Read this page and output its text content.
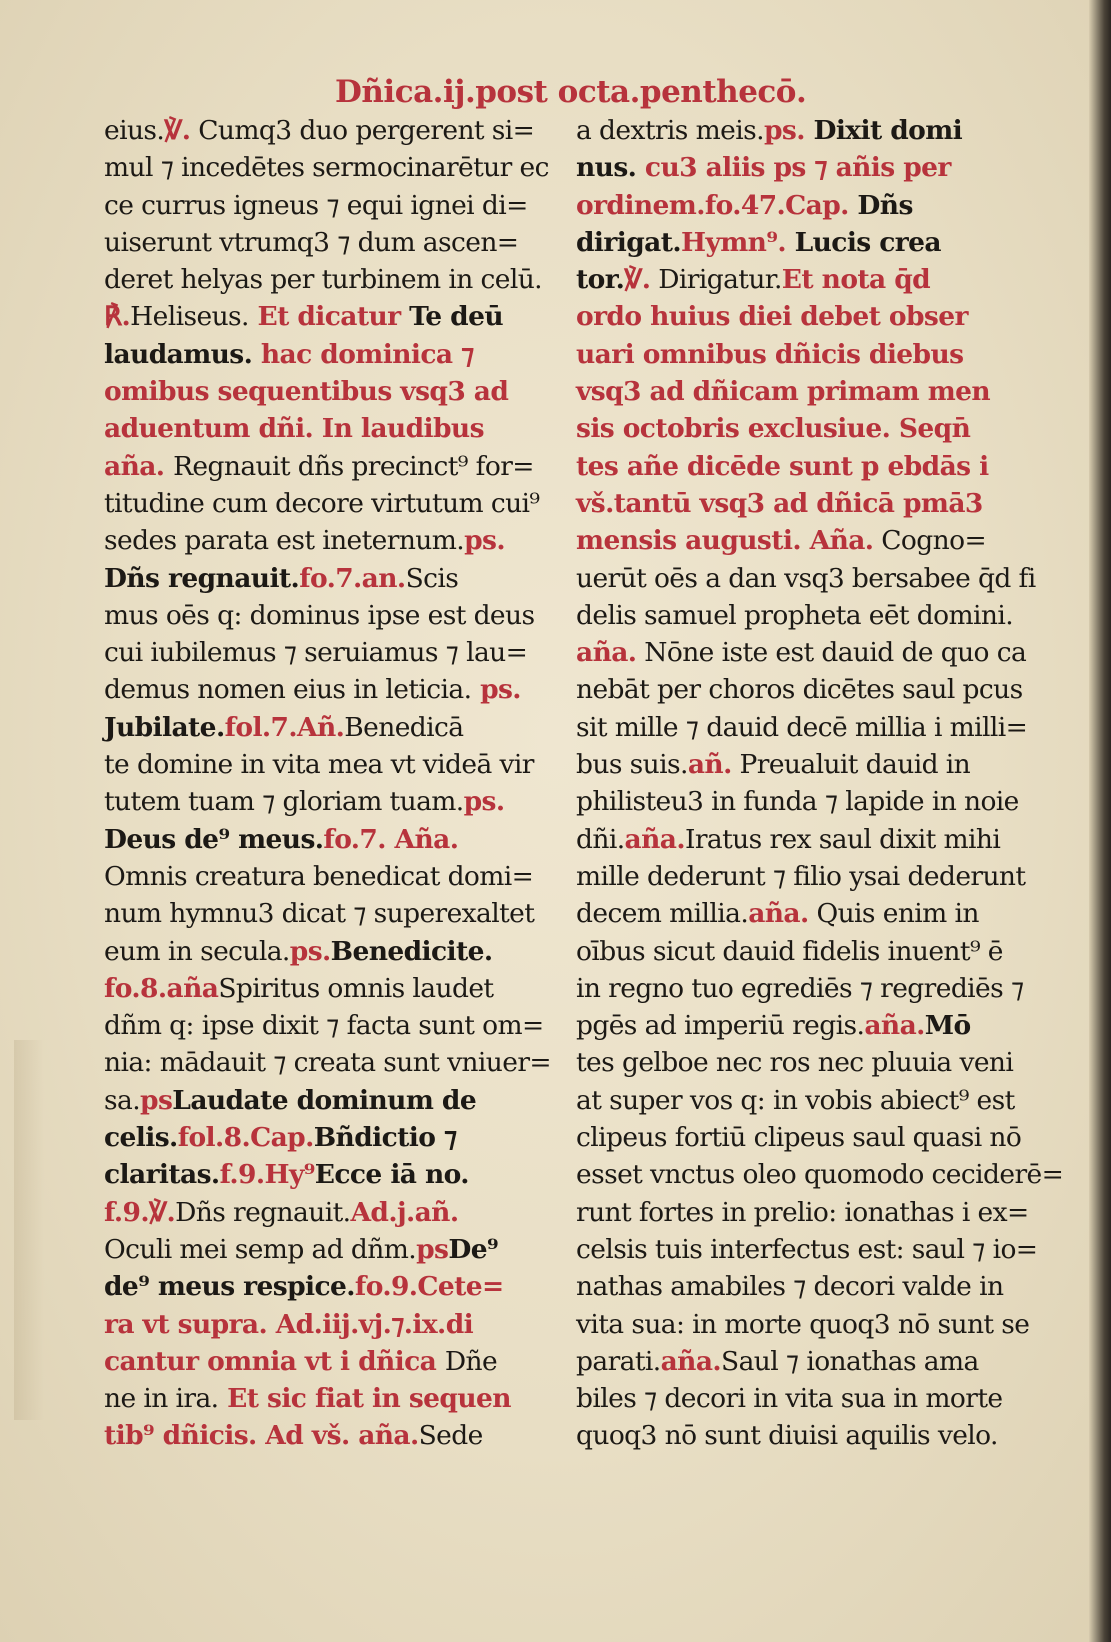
Dñica.ij.post octa.penthecō.
eius.℣. Cumq3 duo pergerent si=
mul ⁊ incedētes sermocinarētur ec
ce currus igneus ⁊ equi ignei di=
uiserunt vtrumq3 ⁊ dum ascen=
deret helyas per turbinem in celū.
℟.Heliseus. Et dicatur Te deū
laudamus. hac dominica ⁊
omibus sequentibus vsq3 ad
aduentum dñi. In laudibus
aña. Regnauit dñs precinct⁹ for=
titudine cum decore virtutum cui⁹
sedes parata est ineternum.ps.
Dñs regnauit.fo.7.an.Scis
mus oēs q: dominus ipse est deus
cui iubilemus ⁊ seruiamus ⁊ lau=
demus nomen eius in leticia. ps.
Jubilate.fol.7.Añ.Benedicā
te domine in vita mea vt videā vir
tutem tuam ⁊ gloriam tuam.ps.
Deus de⁹ meus.fo.7. Aña.
Omnis creatura benedicat domi=
num hymnu3 dicat ⁊ superexaltet
eum in secula.ps.Benedicite.
fo.8.añaSpiritus omnis laudet
dñm q: ipse dixit ⁊ facta sunt om=
nia: mādauit ⁊ creata sunt vniuer=
sa.psLaudate dominum de
celis.fol.8.Cap.Bñdictio ⁊
claritas.f.9.Hy⁹Ecce iā no.
f.9.℣.Dñs regnauit.Ad.j.añ.
Oculi mei semp ad dñm.psDe⁹
de⁹ meus respice.fo.9.Cete=
ra vt supra. Ad.iij.vj.⁊.ix.di
cantur omnia vt i dñica Dñe
ne in ira. Et sic fiat in sequen
tib⁹ dñicis. Ad vš. aña.Sede
a dextris meis.ps. Dixit domi
nus. cu3 aliis ps ⁊ añis per
ordinem.fo.47.Cap. Dñs
dirigat.Hymn⁹. Lucis crea
tor.℣. Dirigatur.Et nota q̄d
ordo huius diei debet obser
uari omnibus dñicis diebus
vsq3 ad dñicam primam men
sis octobris exclusiue. Seqn̄
tes añe dicēde sunt p ebdās i
vš.tantū vsq3 ad dñicā pmā3
mensis augusti. Aña. Cogno=
uerūt oēs a dan vsq3 bersabee q̄d fi
delis samuel propheta eēt domini.
aña. Nōne iste est dauid de quo ca
nebāt per choros dicētes saul pcus
sit mille ⁊ dauid decē millia i milli=
bus suis.añ. Preualuit dauid in
philisteu3 in funda ⁊ lapide in noie
dñi.aña.Iratus rex saul dixit mihi
mille dederunt ⁊ filio ysai dederunt
decem millia.aña. Quis enim in
oībus sicut dauid fidelis inuent⁹ ē
in regno tuo egrediēs ⁊ regrediēs ⁊
pgēs ad imperiū regis.aña.Mō
tes gelboe nec ros nec pluuia veni
at super vos q: in vobis abiect⁹ est
clipeus fortiū clipeus saul quasi nō
esset vnctus oleo quomodo ceciderē=
runt fortes in prelio: ionathas i ex=
celsis tuis interfectus est: saul ⁊ io=
nathas amabiles ⁊ decori valde in
vita sua: in morte quoq3 nō sunt se
parati.aña.Saul ⁊ ionathas ama
biles ⁊ decori in vita sua in morte
quoq3 nō sunt diuisi aquilis velo.
